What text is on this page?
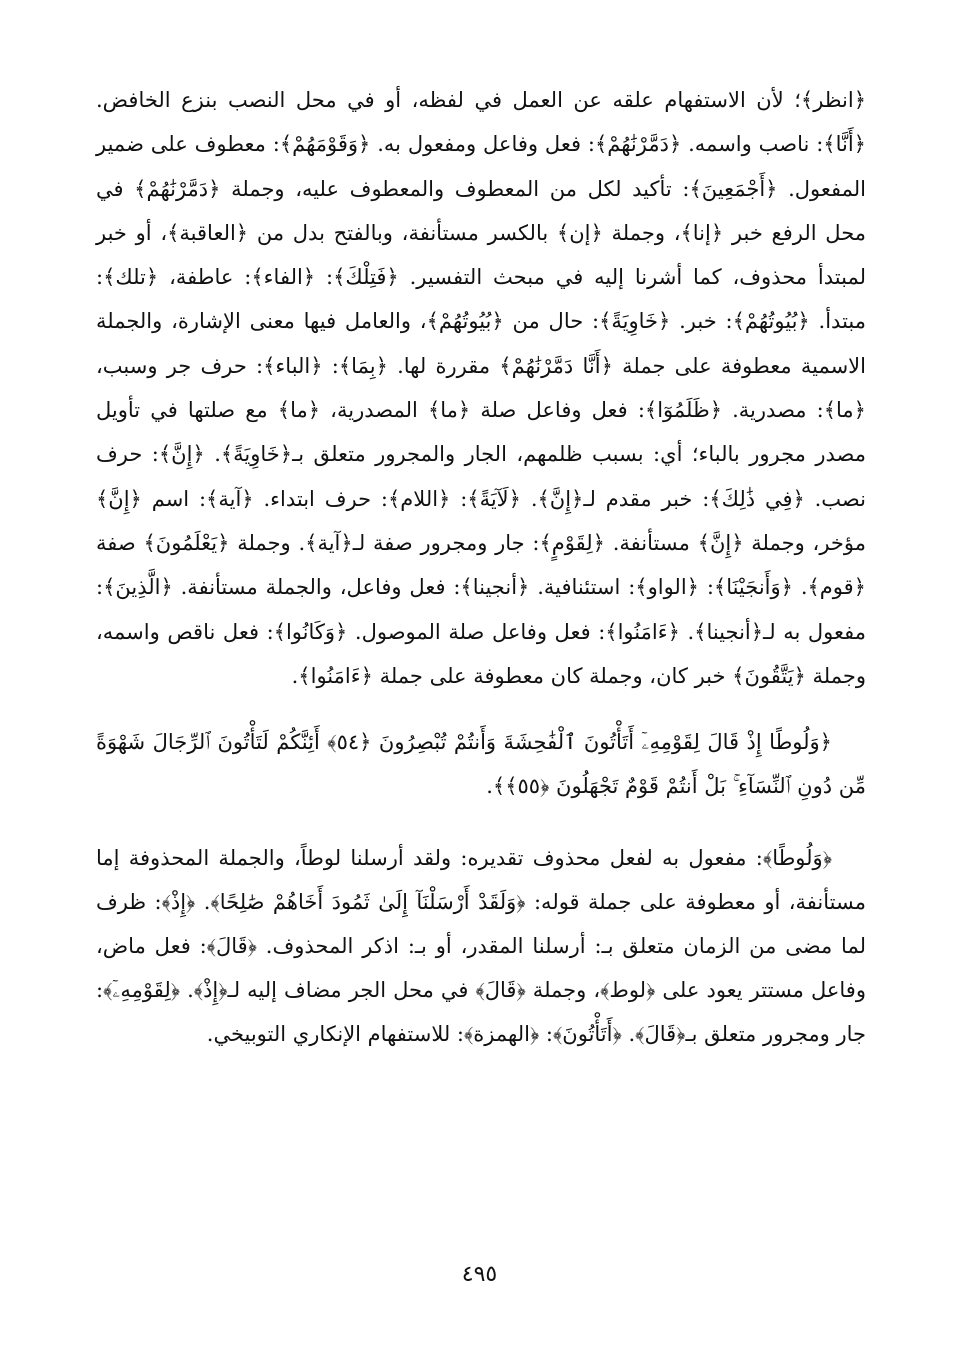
﴿انظر﴾؛ لأن الاستفهام علقه عن العمل في لفظه، أو في محل النصب بنزع الخافض. ﴿أَنَّا﴾: ناصب واسمه. ﴿دَمَّرْنَٰهُمْ﴾: فعل وفاعل ومفعول به. ﴿وَقَوْمَهُمْ﴾: معطوف على ضمير المفعول. ﴿أَجْمَعِينَ﴾: تأكيد لكل من المعطوف والمعطوف عليه، وجملة ﴿دَمَّرْنَٰهُمْ﴾ في محل الرفع خبر ﴿إنا﴾، وجملة ﴿إن﴾ بالكسر مستأنفة، وبالفتح بدل من ﴿العاقبة﴾، أو خبر لمبتدأ محذوف، كما أشرنا إليه في مبحث التفسير. ﴿فَتِلْكَ﴾: ﴿الفاء﴾: عاطفة، ﴿تلك﴾: مبتدأ. ﴿بُيُوتُهُمْ﴾: خبر. ﴿خَاوِيَةً﴾: حال من ﴿بُيُوتُهُمْ﴾، والعامل فيها معنى الإشارة، والجملة الاسمية معطوفة على جملة ﴿أَنَّا دَمَّرْنَٰهُمْ﴾ مقررة لها. ﴿بِمَا﴾: ﴿الباء﴾: حرف جر وسبب، ﴿ما﴾: مصدرية. ﴿ظَلَمُوٓا﴾: فعل وفاعل صلة ﴿ما﴾ المصدرية، ﴿ما﴾ مع صلتها في تأويل مصدر مجرور بالباء؛ أي: بسبب ظلمهم، الجار والمجرور متعلق بـ﴿خَاوِيَةً﴾. ﴿إِنَّ﴾: حرف نصب. ﴿فِي ذَٰلِكَ﴾: خبر مقدم لـ﴿إِنَّ﴾. ﴿لَآيَةً﴾: ﴿اللام﴾: حرف ابتداء. ﴿آية﴾: اسم ﴿إِنَّ﴾ مؤخر، وجملة ﴿إِنَّ﴾ مستأنفة. ﴿لِقَوْمٍ﴾: جار ومجرور صفة لـ﴿آية﴾. وجملة ﴿يَعْلَمُونَ﴾ صفة ﴿قوم﴾. ﴿وَأَنجَيْنَا﴾: ﴿الواو﴾: استئنافية. ﴿أنجينا﴾: فعل وفاعل، والجملة مستأنفة. ﴿الَّذِينَ﴾: مفعول به لـ﴿أنجينا﴾. ﴿ءَامَنُوا﴾: فعل وفاعل صلة الموصول. ﴿وَكَانُوا﴾: فعل ناقص واسمه، وجملة ﴿يَتَّقُونَ﴾ خبر كان، وجملة كان معطوفة على جملة ﴿ءَامَنُوا﴾.

﴿وَلُوطًا إِذْ قَالَ لِقَوْمِهِۦٓ أَتَأْتُونَ ٱلْفَٰحِشَةَ وَأَنتُمْ تُبْصِرُونَ ﴿٥٤﴾ أَئِنَّكُمْ لَتَأْتُونَ ٱلرِّجَالَ شَهْوَةً مِّن دُونِ ٱلنِّسَآءِ ۚ بَلْ أَنتُمْ قَوْمٌ تَجْهَلُونَ ﴿٥٥﴾﴾.

﴿وَلُوطًا﴾: مفعول به لفعل محذوف تقديره: ولقد أرسلنا لوطاً، والجملة المحذوفة إما مستأنفة، أو معطوفة على جملة قوله: ﴿وَلَقَدْ أَرْسَلْنَآ إِلَىٰ ثَمُودَ أَخَاهُمْ صَٰلِحًا﴾. ﴿إِذْ﴾: ظرف لما مضى من الزمان متعلق بـ: أرسلنا المقدر، أو بـ: اذكر المحذوف. ﴿قَالَ﴾: فعل ماض، وفاعل مستتر يعود على ﴿لوط﴾، وجملة ﴿قَالَ﴾ في محل الجر مضاف إليه لـ﴿إِذْ﴾. ﴿لِقَوْمِهِۦٓ﴾: جار ومجرور متعلق بـ﴿قَالَ﴾. ﴿أَتَأْتُونَ﴾: ﴿الهمزة﴾: للاستفهام الإنكاري التوبيخي.

٤٩٥
